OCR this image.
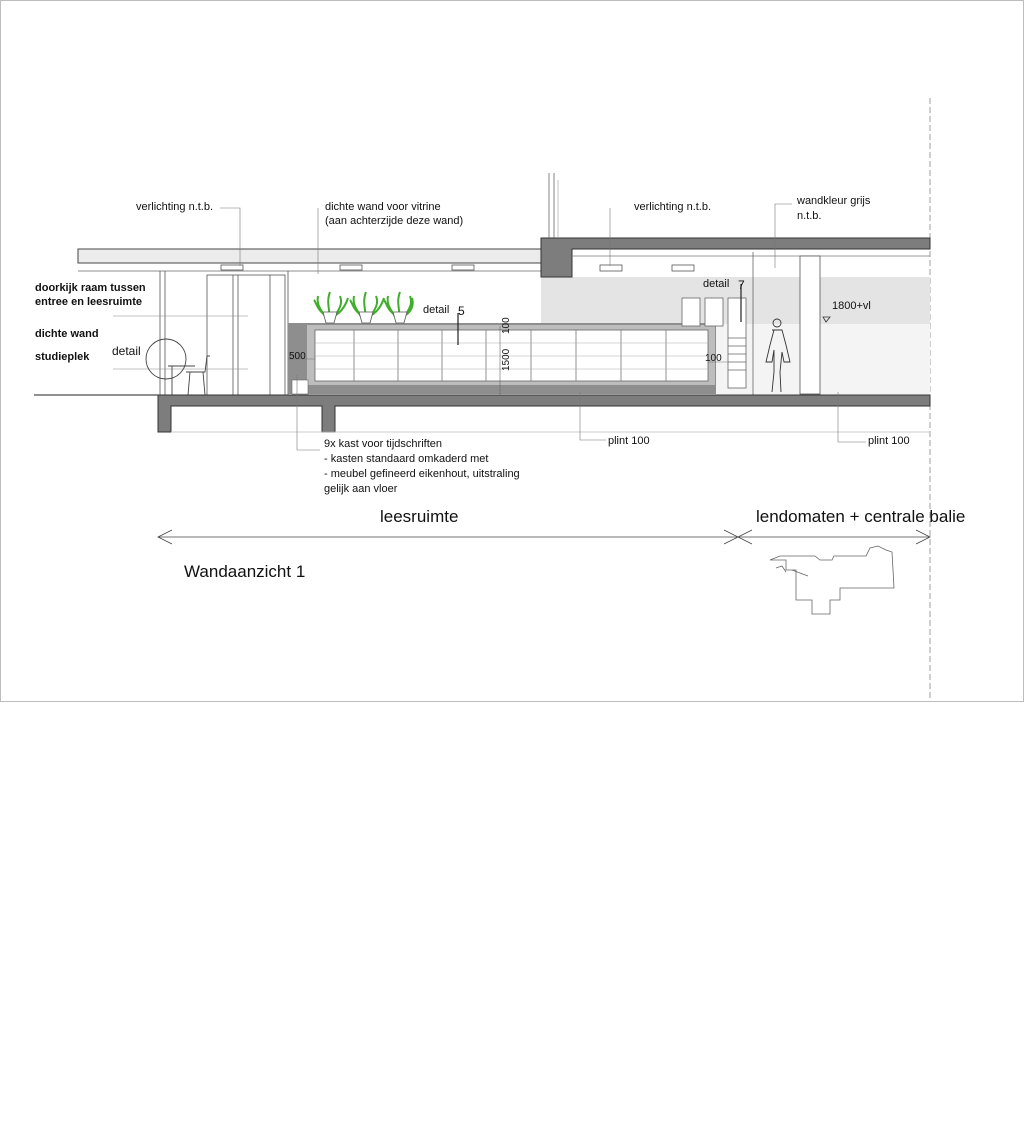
verlichting n.t.b.	dichte wand voor vitrine
(aan achterzijde deze wand)
verlichting n.t.b.	wandkleur grijs
n.t.b.
doorkijk raam tussen
entree en leesruimte
dichte wand
studieplek detail
detail 5
detail 7
1800+vl
500	100
1500
100
9x kast voor tijdschriften
- kasten standaard omkaderd met
- meubel gefineerd eikenhout, uitstraling
gelijk aan vloer
plint 100	plint 100
leesruimte	lendomaten + centrale balie
Wandaanzicht 1
